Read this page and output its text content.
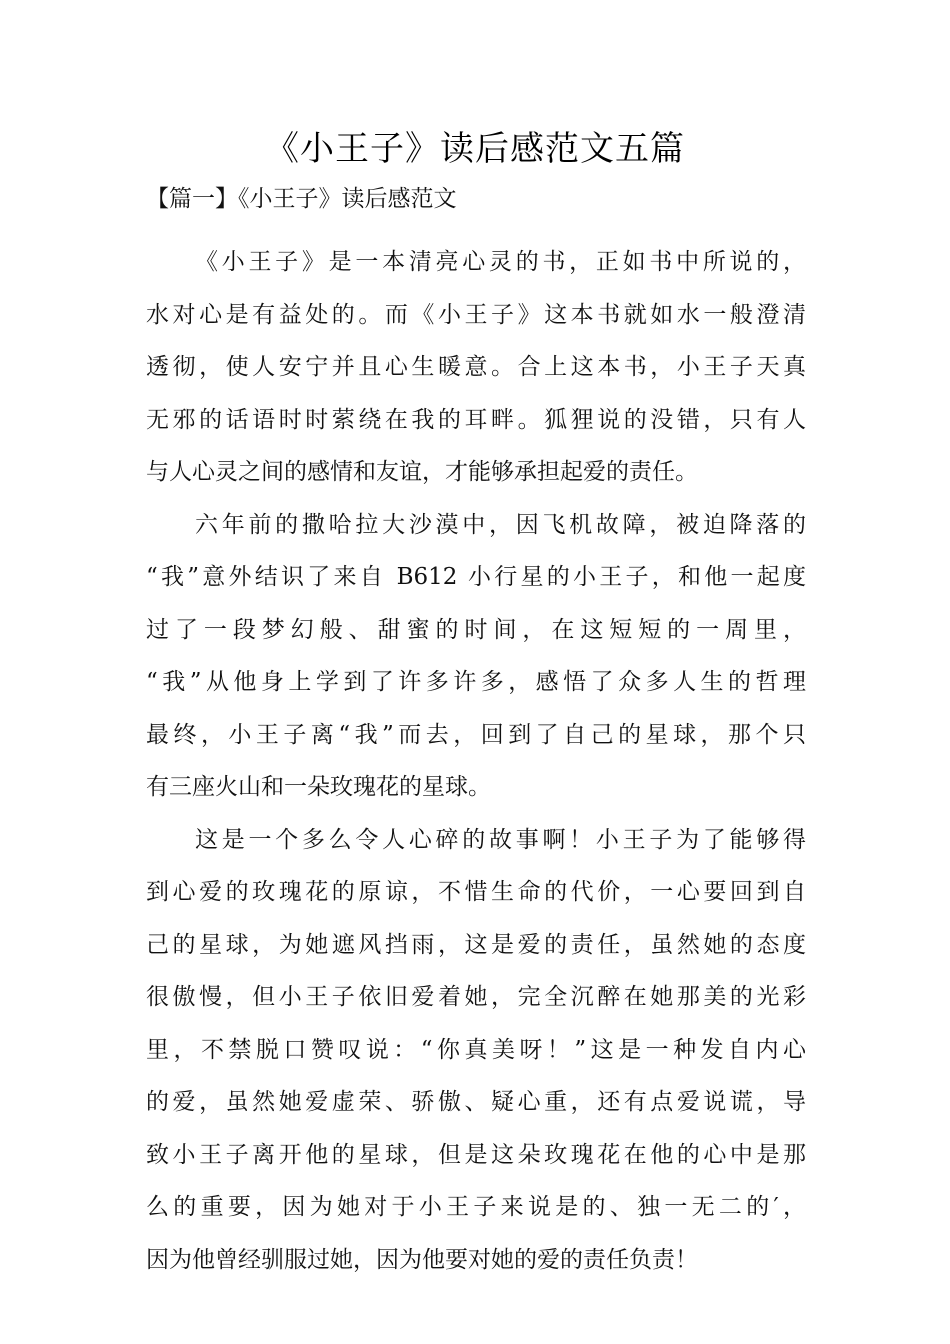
《小王子》读后感范文五篇
【篇一】《小王子》读后感范文
《小王子》是一本清亮心灵的书，正如书中所说的，
水对心是有益处的。而《小王子》这本书就如水一般澄清
透彻，使人安宁并且心生暖意。合上这本书，小王子天真
无邪的话语时时萦绕在我的耳畔。狐狸说的没错，只有人
与人心灵之间的感情和友谊，才能够承担起爱的责任。
六年前的撒哈拉大沙漠中，因飞机故障，被迫降落的
“我”意外结识了来自 B612 小行星的小王子，和他一起度
过了一段梦幻般、甜蜜的时间，在这短短的一周里，
“我”从他身上学到了许多许多，感悟了众多人生的哲理
最终，小王子离“我”而去，回到了自己的星球，那个只
有三座火山和一朵玫瑰花的星球。
这是一个多么令人心碎的故事啊！小王子为了能够得
到心爱的玫瑰花的原谅，不惜生命的代价，一心要回到自
己的星球，为她遮风挡雨，这是爱的责任，虽然她的态度
很傲慢，但小王子依旧爱着她，完全沉醉在她那美的光彩
里，不禁脱口赞叹说：“你真美呀！”这是一种发自内心
的爱，虽然她爱虚荣、骄傲、疑心重，还有点爱说谎，导
致小王子离开他的星球，但是这朵玫瑰花在他的心中是那
么的重要，因为她对于小王子来说是的、独一无二的′，
因为他曾经驯服过她，因为他要对她的爱的责任负责！
